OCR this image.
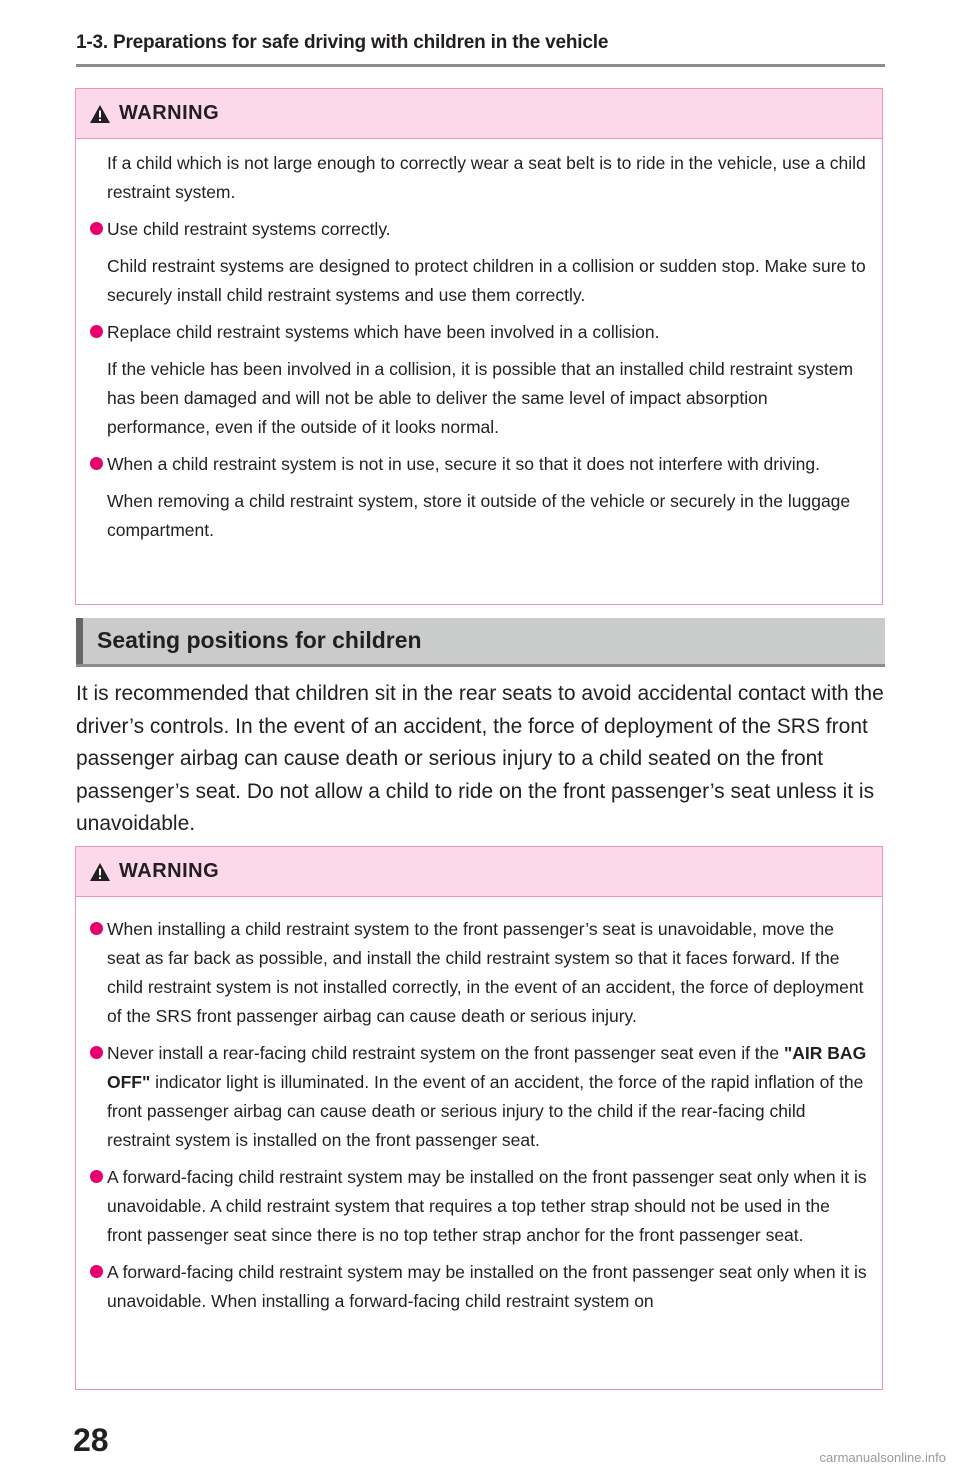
1-3. Preparations for safe driving with children in the vehicle
WARNING

If a child which is not large enough to correctly wear a seat belt is to ride in the vehicle, use a child restraint system.

Use child restraint systems correctly.

Child restraint systems are designed to protect children in a collision or sudden stop. Make sure to securely install child restraint systems and use them correctly.

Replace child restraint systems which have been involved in a collision.

If the vehicle has been involved in a collision, it is possible that an installed child restraint system has been damaged and will not be able to deliver the same level of impact absorption performance, even if the outside of it looks normal.

When a child restraint system is not in use, secure it so that it does not interfere with driving.

When removing a child restraint system, store it outside of the vehicle or securely in the luggage compartment.

Seating positions for children

It is recommended that children sit in the rear seats to avoid accidental contact with the driver’s controls. In the event of an accident, the force of deployment of the SRS front passenger airbag can cause death or serious injury to a child seated on the front passenger’s seat. Do not allow a child to ride on the front passenger’s seat unless it is unavoidable.

WARNING
When installing a child restraint system to the front passenger’s seat is unavoidable, move the seat as far back as possible, and install the child restraint system so that it faces forward. If the child restraint system is not installed correctly, in the event of an accident, the force of deployment of the SRS front passenger airbag can cause death or serious injury.
Never install a rear-facing child restraint system on the front passenger seat even if the "AIR BAG OFF" indicator light is illuminated. In the event of an accident, the force of the rapid inflation of the front passenger airbag can cause death or serious injury to the child if the rear-facing child restraint system is installed on the front passenger seat.
A forward-facing child restraint system may be installed on the front passenger seat only when it is unavoidable. A child restraint system that requires a top tether strap should not be used in the front passenger seat since there is no top tether strap anchor for the front passenger seat.
A forward-facing child restraint system may be installed on the front passenger seat only when it is unavoidable. When installing a forward-facing child restraint system on
28	carmanualsonline.info
